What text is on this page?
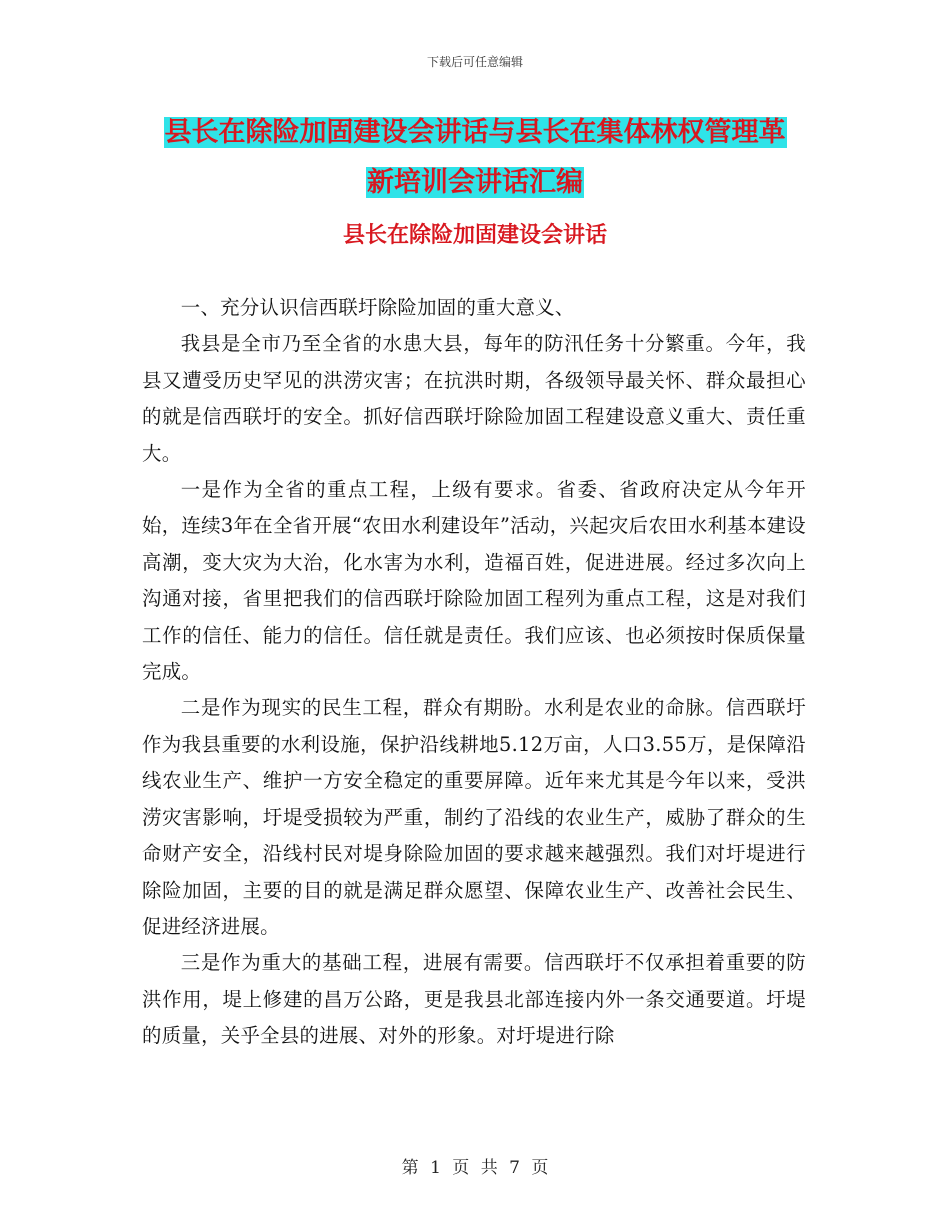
下载后可任意编辑
县长在除险加固建设会讲话与县长在集体林权管理革
新培训会讲话汇编
县长在除险加固建设会讲话

一、充分认识信西联圩除险加固的重大意义、

我县是全市乃至全省的水患大县，每年的防汛任务十分繁重。今年，我县又遭受历史罕见的洪涝灾害；在抗洪时期，各级领导最关怀、群众最担心的就是信西联圩的安全。抓好信西联圩除险加固工程建设意义重大、责任重大。

一是作为全省的重点工程，上级有要求。省委、省政府决定从今年开始，连续3年在全省开展“农田水利建设年”活动，兴起灾后农田水利基本建设高潮，变大灾为大治，化水害为水利，造福百姓，促进进展。经过多次向上沟通对接，省里把我们的信西联圩除险加固工程列为重点工程，这是对我们工作的信任、能力的信任。信任就是责任。我们应该、也必须按时保质保量完成。

二是作为现实的民生工程，群众有期盼。水利是农业的命脉。信西联圩作为我县重要的水利设施，保护沿线耕地5.12万亩，人口3.55万，是保障沿线农业生产、维护一方安全稳定的重要屏障。近年来尤其是今年以来，受洪涝灾害影响，圩堤受损较为严重，制约了沿线的农业生产，威胁了群众的生命财产安全，沿线村民对堤身除险加固的要求越来越强烈。我们对圩堤进行除险加固，主要的目的就是满足群众愿望、保障农业生产、改善社会民生、促进经济进展。

三是作为重大的基础工程，进展有需要。信西联圩不仅承担着重要的防洪作用，堤上修建的昌万公路，更是我县北部连接内外一条交通要道。圩堤的质量，关乎全县的进展、对外的形象。对圩堤进行除

第 1 页 共 7 页
